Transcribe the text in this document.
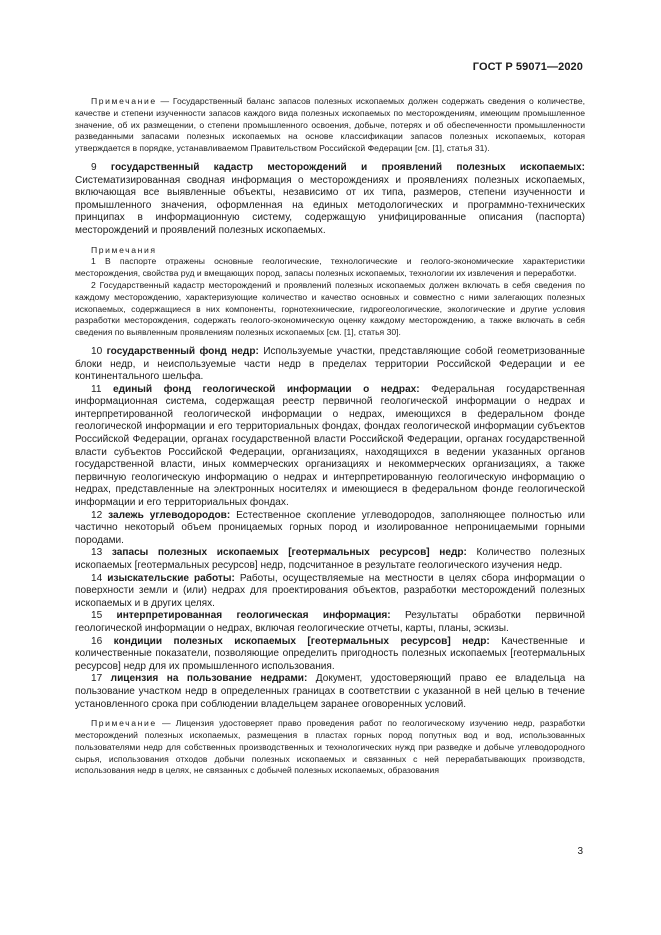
ГОСТ Р 59071—2020

Примечание — Государственный баланс запасов полезных ископаемых должен содержать сведения о количестве, качестве и степени изученности запасов каждого вида полезных ископаемых по месторождениям, имеющим промышленное значение, об их размещении, о степени промышленного освоения, добыче, потерях и об обеспеченности промышленности разведанными запасами полезных ископаемых на основе классификации запасов полезных ископаемых, которая утверждается в порядке, устанавливаемом Правительством Российской Федерации [см. [1], статья 31).

9 государственный кадастр месторождений и проявлений полезных ископаемых: Систематизированная сводная информация о месторождениях и проявлениях полезных ископаемых, включающая все выявленные объекты, независимо от их типа, размеров, степени изученности и промышленного значения, оформленная на единых методологических и программно-технических принципах в информационную систему, содержащую унифицированные описания (паспорта) месторождений и проявлений полезных ископаемых.

Примечания

1 В паспорте отражены основные геологические, технологические и геолого-экономические характеристики месторождения, свойства руд и вмещающих пород, запасы полезных ископаемых, технологии их извлечения и переработки.

2 Государственный кадастр месторождений и проявлений полезных ископаемых должен включать в себя сведения по каждому месторождению, характеризующие количество и качество основных и совместно с ними залегающих полезных ископаемых, содержащиеся в них компоненты, горнотехнические, гидрогеологические, экологические и другие условия разработки месторождения, содержать геолого-экономическую оценку каждому месторождению, а также включать в себя сведения по выявленным проявлениям полезных ископаемых [см. [1], статья 30].

10 государственный фонд недр: Используемые участки, представляющие собой геометризованные блоки недр, и неиспользуемые части недр в пределах территории Российской Федерации и ее континентального шельфа.

11 единый фонд геологической информации о недрах: Федеральная государственная информационная система, содержащая реестр первичной геологической информации о недрах и интерпретированной геологической информации о недрах, имеющихся в федеральном фонде геологической информации и его территориальных фондах, фондах геологической информации субъектов Российской Федерации, органах государственной власти Российской Федерации, органах государственной власти субъектов Российской Федерации, организациях, находящихся в ведении указанных органов государственной власти, иных коммерческих организациях и некоммерческих организациях, а также первичную геологическую информацию о недрах и интерпретированную геологическую информацию о недрах, представленные на электронных носителях и имеющиеся в федеральном фонде геологической информации и его территориальных фондах.

12 залежь углеводородов: Естественное скопление углеводородов, заполняющее полностью или частично некоторый объем проницаемых горных пород и изолированное непроницаемыми горными породами.

13 запасы полезных ископаемых [геотермальных ресурсов] недр: Количество полезных ископаемых [геотермальных ресурсов] недр, подсчитанное в результате геологического изучения недр.

14 изыскательские работы: Работы, осуществляемые на местности в целях сбора информации о поверхности земли и (или) недрах для проектирования объектов, разработки месторождений полезных ископаемых и в других целях.

15 интерпретированная геологическая информация: Результаты обработки первичной геологической информации о недрах, включая геологические отчеты, карты, планы, эскизы.

16 кондиции полезных ископаемых [геотермальных ресурсов] недр: Качественные и количественные показатели, позволяющие определить пригодность полезных ископаемых [геотермальных ресурсов] недр для их промышленного использования.

17 лицензия на пользование недрами: Документ, удостоверяющий право ее владельца на пользование участком недр в определенных границах в соответствии с указанной в ней целью в течение установленного срока при соблюдении владельцем заранее оговоренных условий.

Примечание — Лицензия удостоверяет право проведения работ по геологическому изучению недр, разработки месторождений полезных ископаемых, размещения в пластах горных пород попутных вод и вод, использованных пользователями недр для собственных производственных и технологических нужд при разведке и добыче углеводородного сырья, использования отходов добычи полезных ископаемых и связанных с ней перерабатывающих производств, использования недр в целях, не связанных с добычей полезных ископаемых, образования

3
